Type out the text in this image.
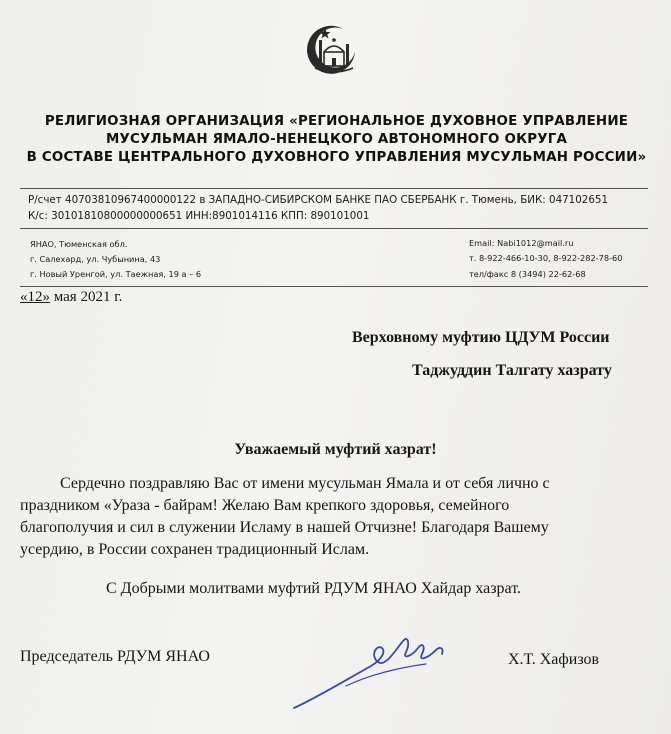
РЕЛИГИОЗНАЯ ОРГАНИЗАЦИЯ «РЕГИОНАЛЬНОЕ ДУХОВНОЕ УПРАВЛЕНИЕ
МУСУЛЬМАН ЯМАЛО-НЕНЕЦКОГО АВТОНОМНОГО ОКРУГА
В СОСТАВЕ ЦЕНТРАЛЬНОГО ДУХОВНОГО УПРАВЛЕНИЯ МУСУЛЬМАН РОССИИ»
Р/счет 40703810967400000122 в ЗАПАДНО-СИБИРСКОМ БАНКЕ ПАО СБЕРБАНК г. Тюмень, БИК: 047102651
К/с: 30101810800000000651 ИНН:8901014116 КПП: 890101001
ЯНАО, Тюменская обл.
г. Салехард, ул. Чубынина, 43
г. Новый Уренгой, ул. Таежная, 19 а – 6
Email: Nabi1012@mail.ru
т. 8-922-466-10-30, 8-922-282-78-60
тел/факс 8 (3494) 22-62-68
«12» мая 2021 г.
Верховному муфтию ЦДУМ России
Таджуддин Талгату хазрату
Уважаемый муфтий хазрат!
Сердечно поздравляю Вас от имени мусульман Ямала и от себя лично с
праздником «Ураза - байрам! Желаю Вам крепкого здоровья, семейного
благополучия и сил в служении Исламу в нашей Отчизне! Благодаря Вашему
усердию, в России сохранен традиционный Ислам.
С Добрыми молитвами муфтий РДУМ ЯНАО Хайдар хазрат.
Председатель РДУМ ЯНАО	Х.Т. Хафизов
